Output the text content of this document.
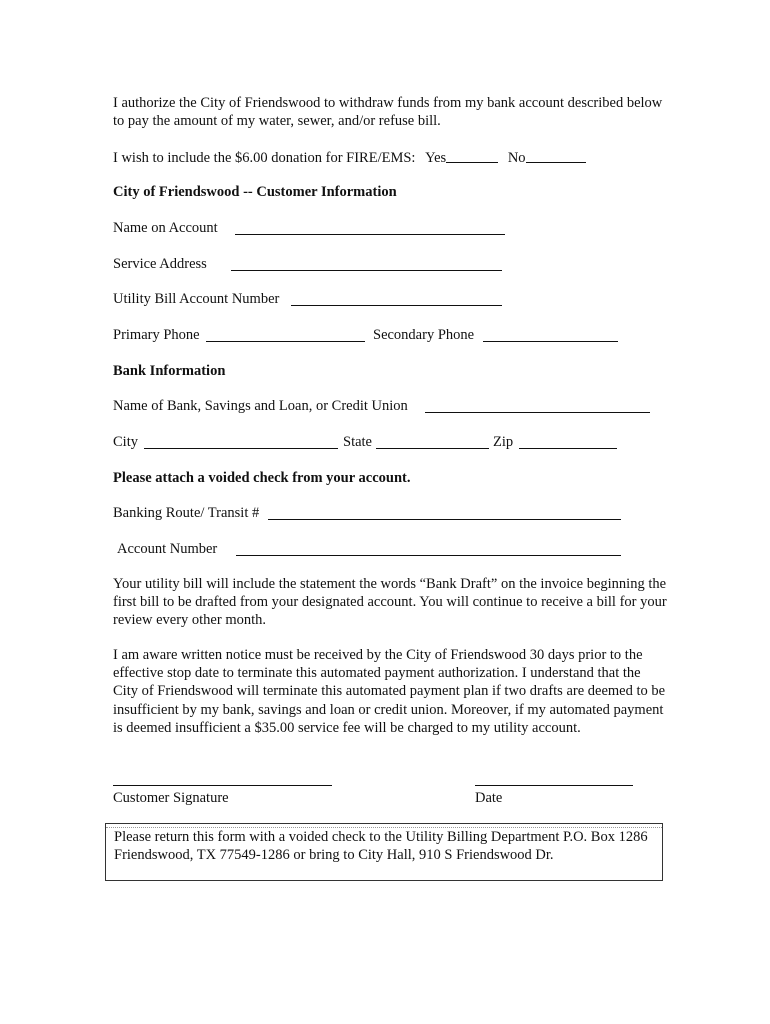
I authorize the City of Friendswood to withdraw funds from my bank account described below to pay the amount of my water, sewer, and/or refuse bill.
I wish to include the $6.00 donation for FIRE/EMS: Yes	No
City of Friendswood -- Customer Information
Name on Account
Service Address
Utility Bill Account Number
Primary Phone	Secondary Phone
Bank Information
Name of Bank, Savings and Loan, or Credit Union
City	State	Zip
Please attach a voided check from your account.
Banking Route/ Transit #
Account Number
Your utility bill will include the statement the words “Bank Draft” on the invoice beginning the first bill to be drafted from your designated account. You will continue to receive a bill for your review every other month.
I am aware written notice must be received by the City of Friendswood 30 days prior to the effective stop date to terminate this automated payment authorization. I understand that the City of Friendswood will terminate this automated payment plan if two drafts are deemed to be insufficient by my bank, savings and loan or credit union. Moreover, if my automated payment is deemed insufficient a $35.00 service fee will be charged to my utility account.
Customer Signature	Date
Please return this form with a voided check to the Utility Billing Department P.O. Box 1286 Friendswood, TX 77549-1286 or bring to City Hall, 910 S Friendswood Dr.
